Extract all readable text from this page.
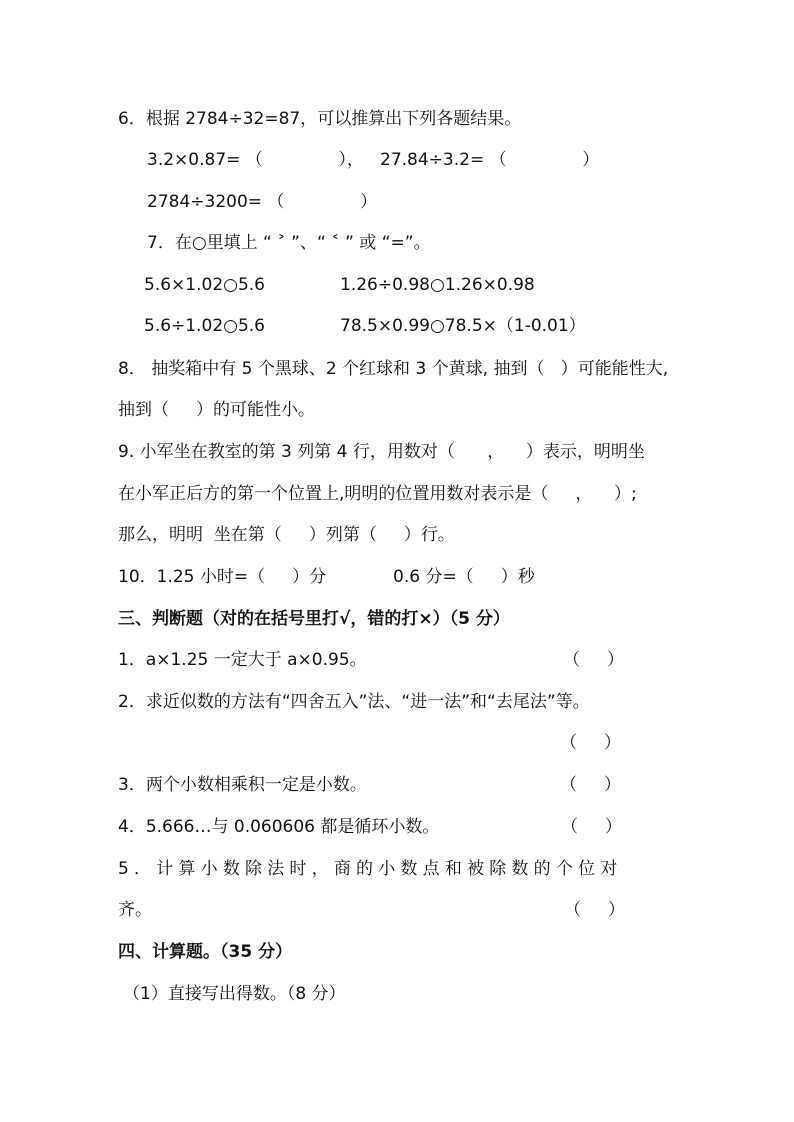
6．根据 2784÷32=87，可以推算出下列各题结果。
3.2×0.87= （              ）， 27.84÷3.2= （              ）
2784÷3200= （              ）
7．在○里填上 “ ˃ ”、“ ˂ ” 或 “=”。
5.6×1.02○5.6	1.26÷0.98○1.26×0.98
5.6÷1.02○5.6	78.5×0.99○78.5×（1-0.01）
8． 抽奖箱中有 5 个黑球、2 个红球和 3 个黄球, 抽到（   ）可能能性大,
抽到（     ）的可能性小。
9. 小军坐在教室的第 3 列第 4 行，用数对（      ，    ）表示，明明坐
在小军正后方的第一个位置上,明明的位置用数对表示是（     ，    ）;
那么，明明  坐在第（     ）列第（     ）行。
10．1.25 小时=（     ）分	0.6 分=（     ）秒
三、判断题（对的在括号里打√，错的打×）（5 分）
1．a×1.25 一定大于 a×0.95。	（     ）
2．求近似数的方法有“四舍五入”法、“进一法”和“去尾法”等。
（     ）
3．两个小数相乘积一定是小数。	（     ）
4．5.666…与 0.060606 都是循环小数。	（     ）
5．计算小数除法时，商的小数点和被除数的个位对
齐。	（     ）
四、计算题。（35 分）
（1）直接写出得数。（8 分）
